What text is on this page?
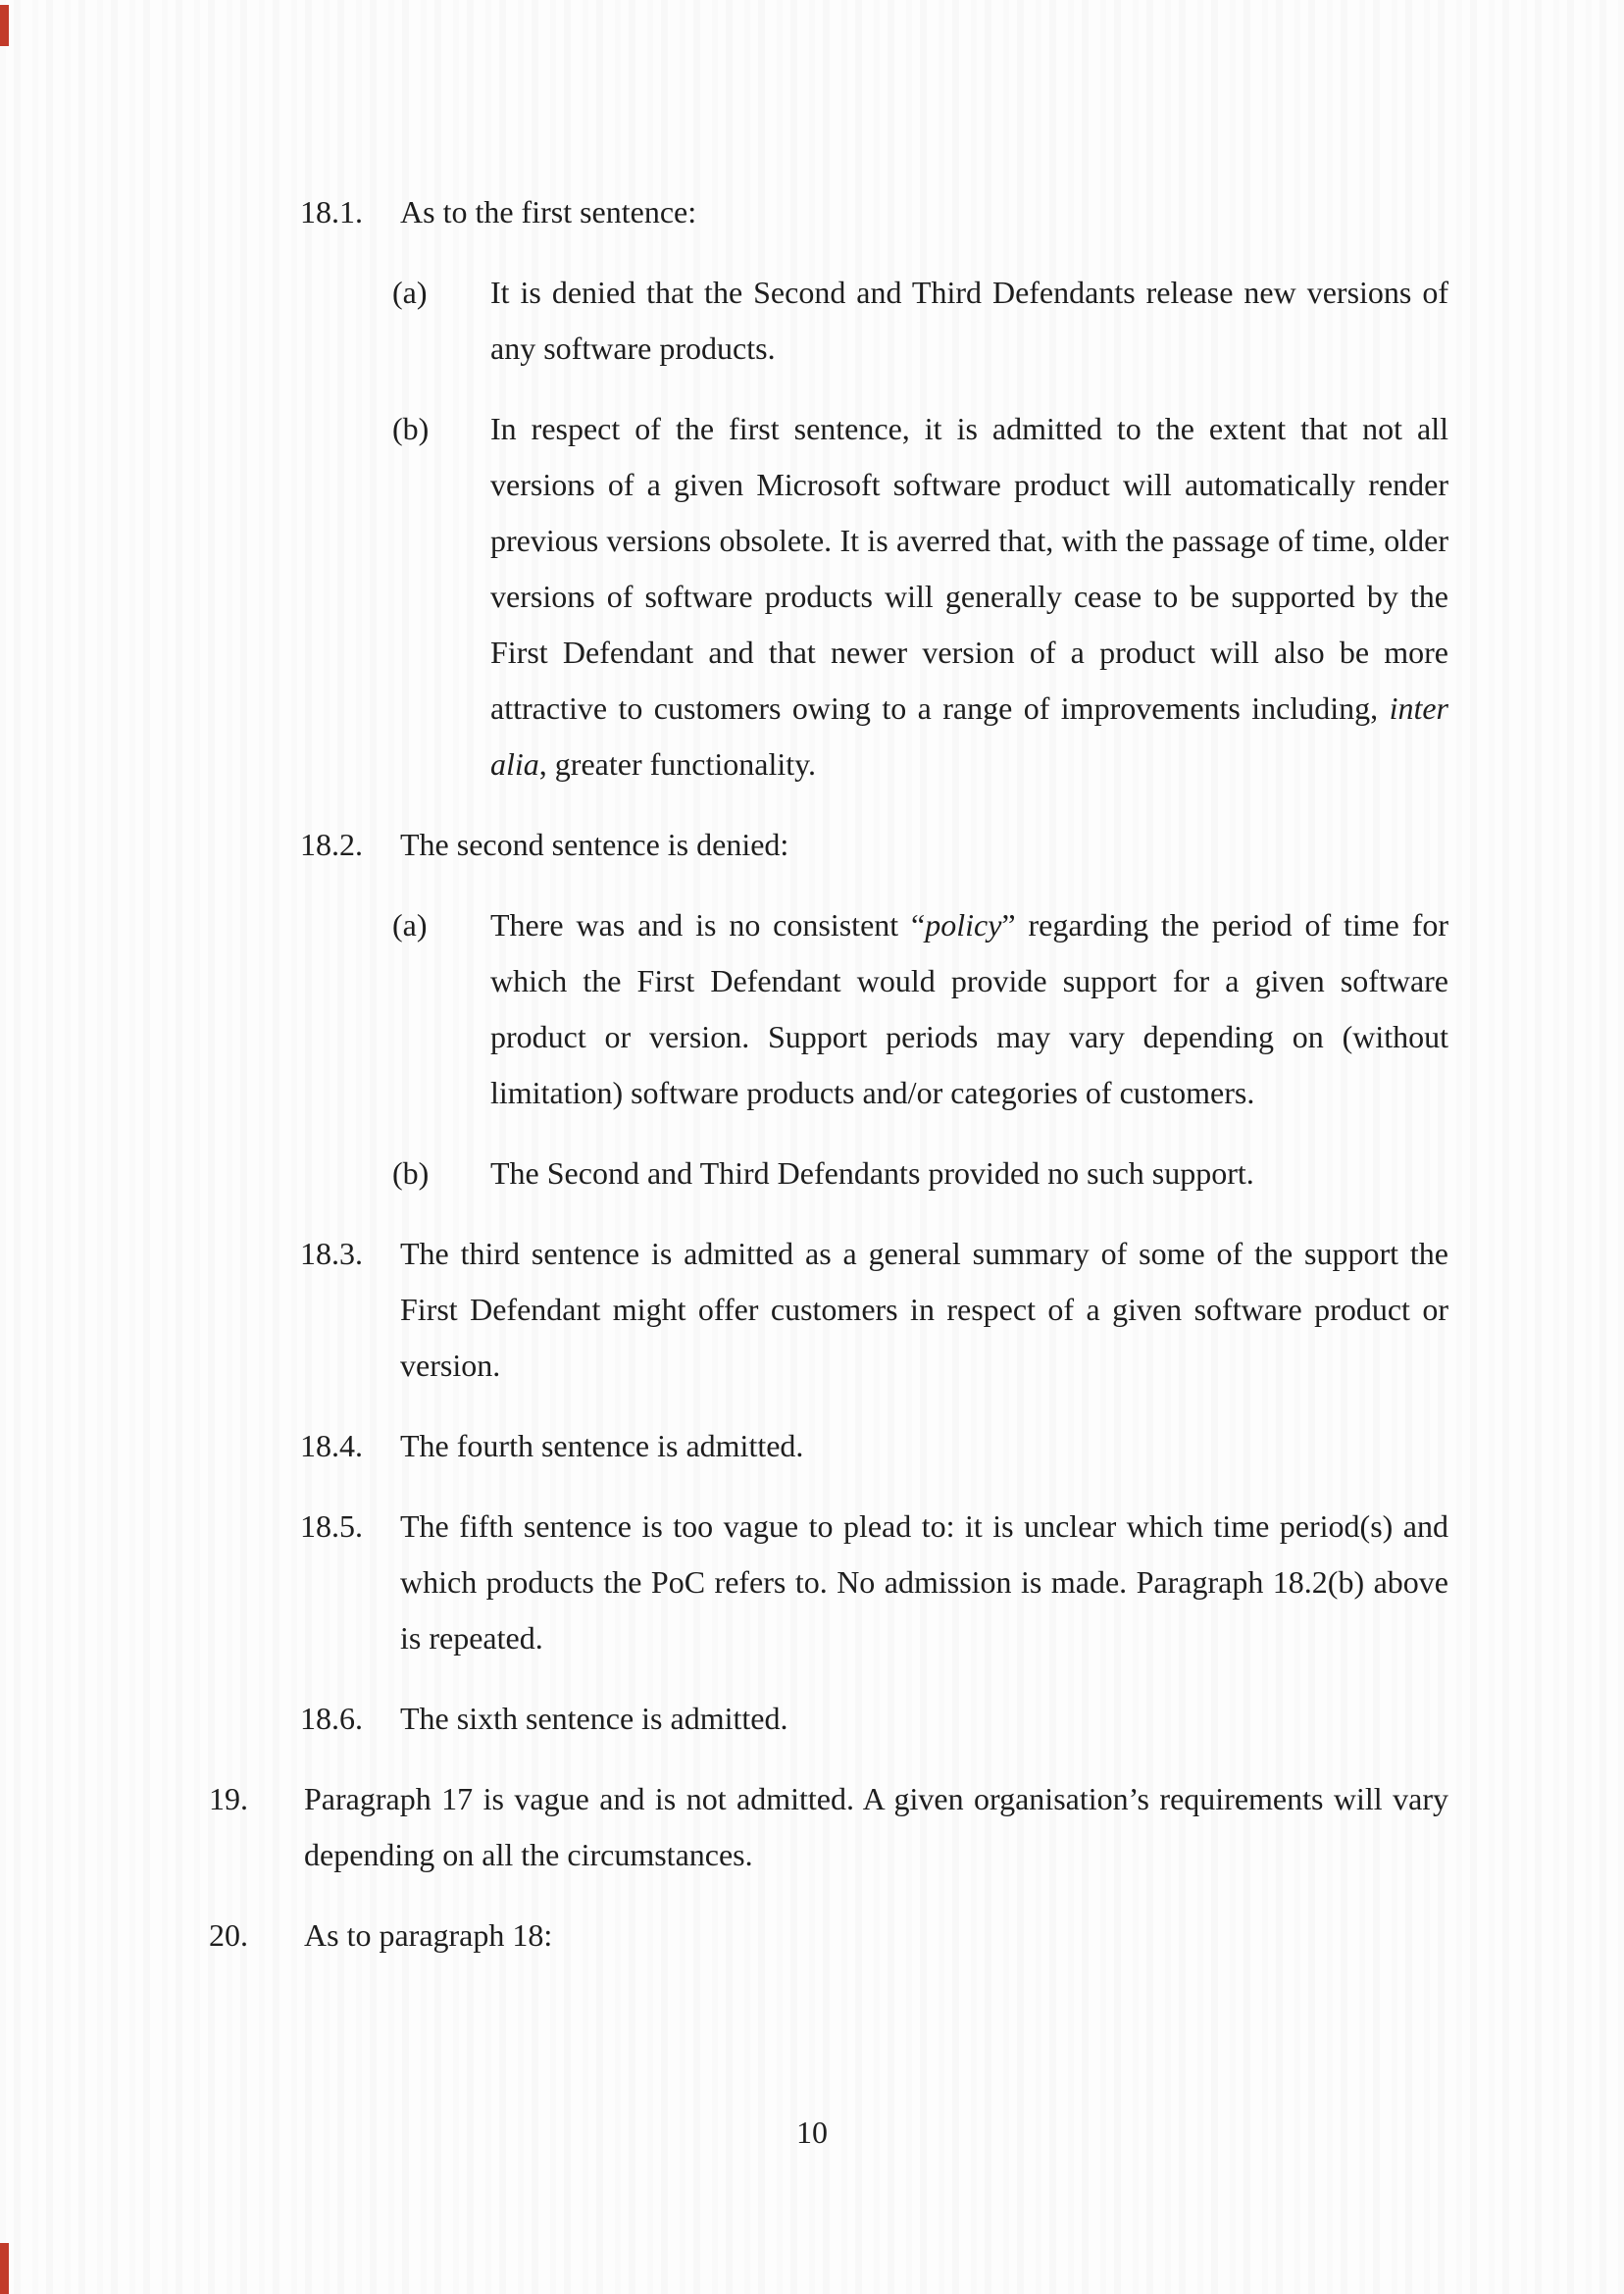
18.1. As to the first sentence:
(a) It is denied that the Second and Third Defendants release new versions of any software products.
(b) In respect of the first sentence, it is admitted to the extent that not all versions of a given Microsoft software product will automatically render previous versions obsolete. It is averred that, with the passage of time, older versions of software products will generally cease to be supported by the First Defendant and that newer version of a product will also be more attractive to customers owing to a range of improvements including, inter alia, greater functionality.
18.2. The second sentence is denied:
(a) There was and is no consistent “policy” regarding the period of time for which the First Defendant would provide support for a given software product or version. Support periods may vary depending on (without limitation) software products and/or categories of customers.
(b) The Second and Third Defendants provided no such support.
18.3. The third sentence is admitted as a general summary of some of the support the First Defendant might offer customers in respect of a given software product or version.
18.4. The fourth sentence is admitted.
18.5. The fifth sentence is too vague to plead to: it is unclear which time period(s) and which products the PoC refers to. No admission is made. Paragraph 18.2(b) above is repeated.
18.6. The sixth sentence is admitted.
19. Paragraph 17 is vague and is not admitted. A given organisation’s requirements will vary depending on all the circumstances.
20. As to paragraph 18:
10
